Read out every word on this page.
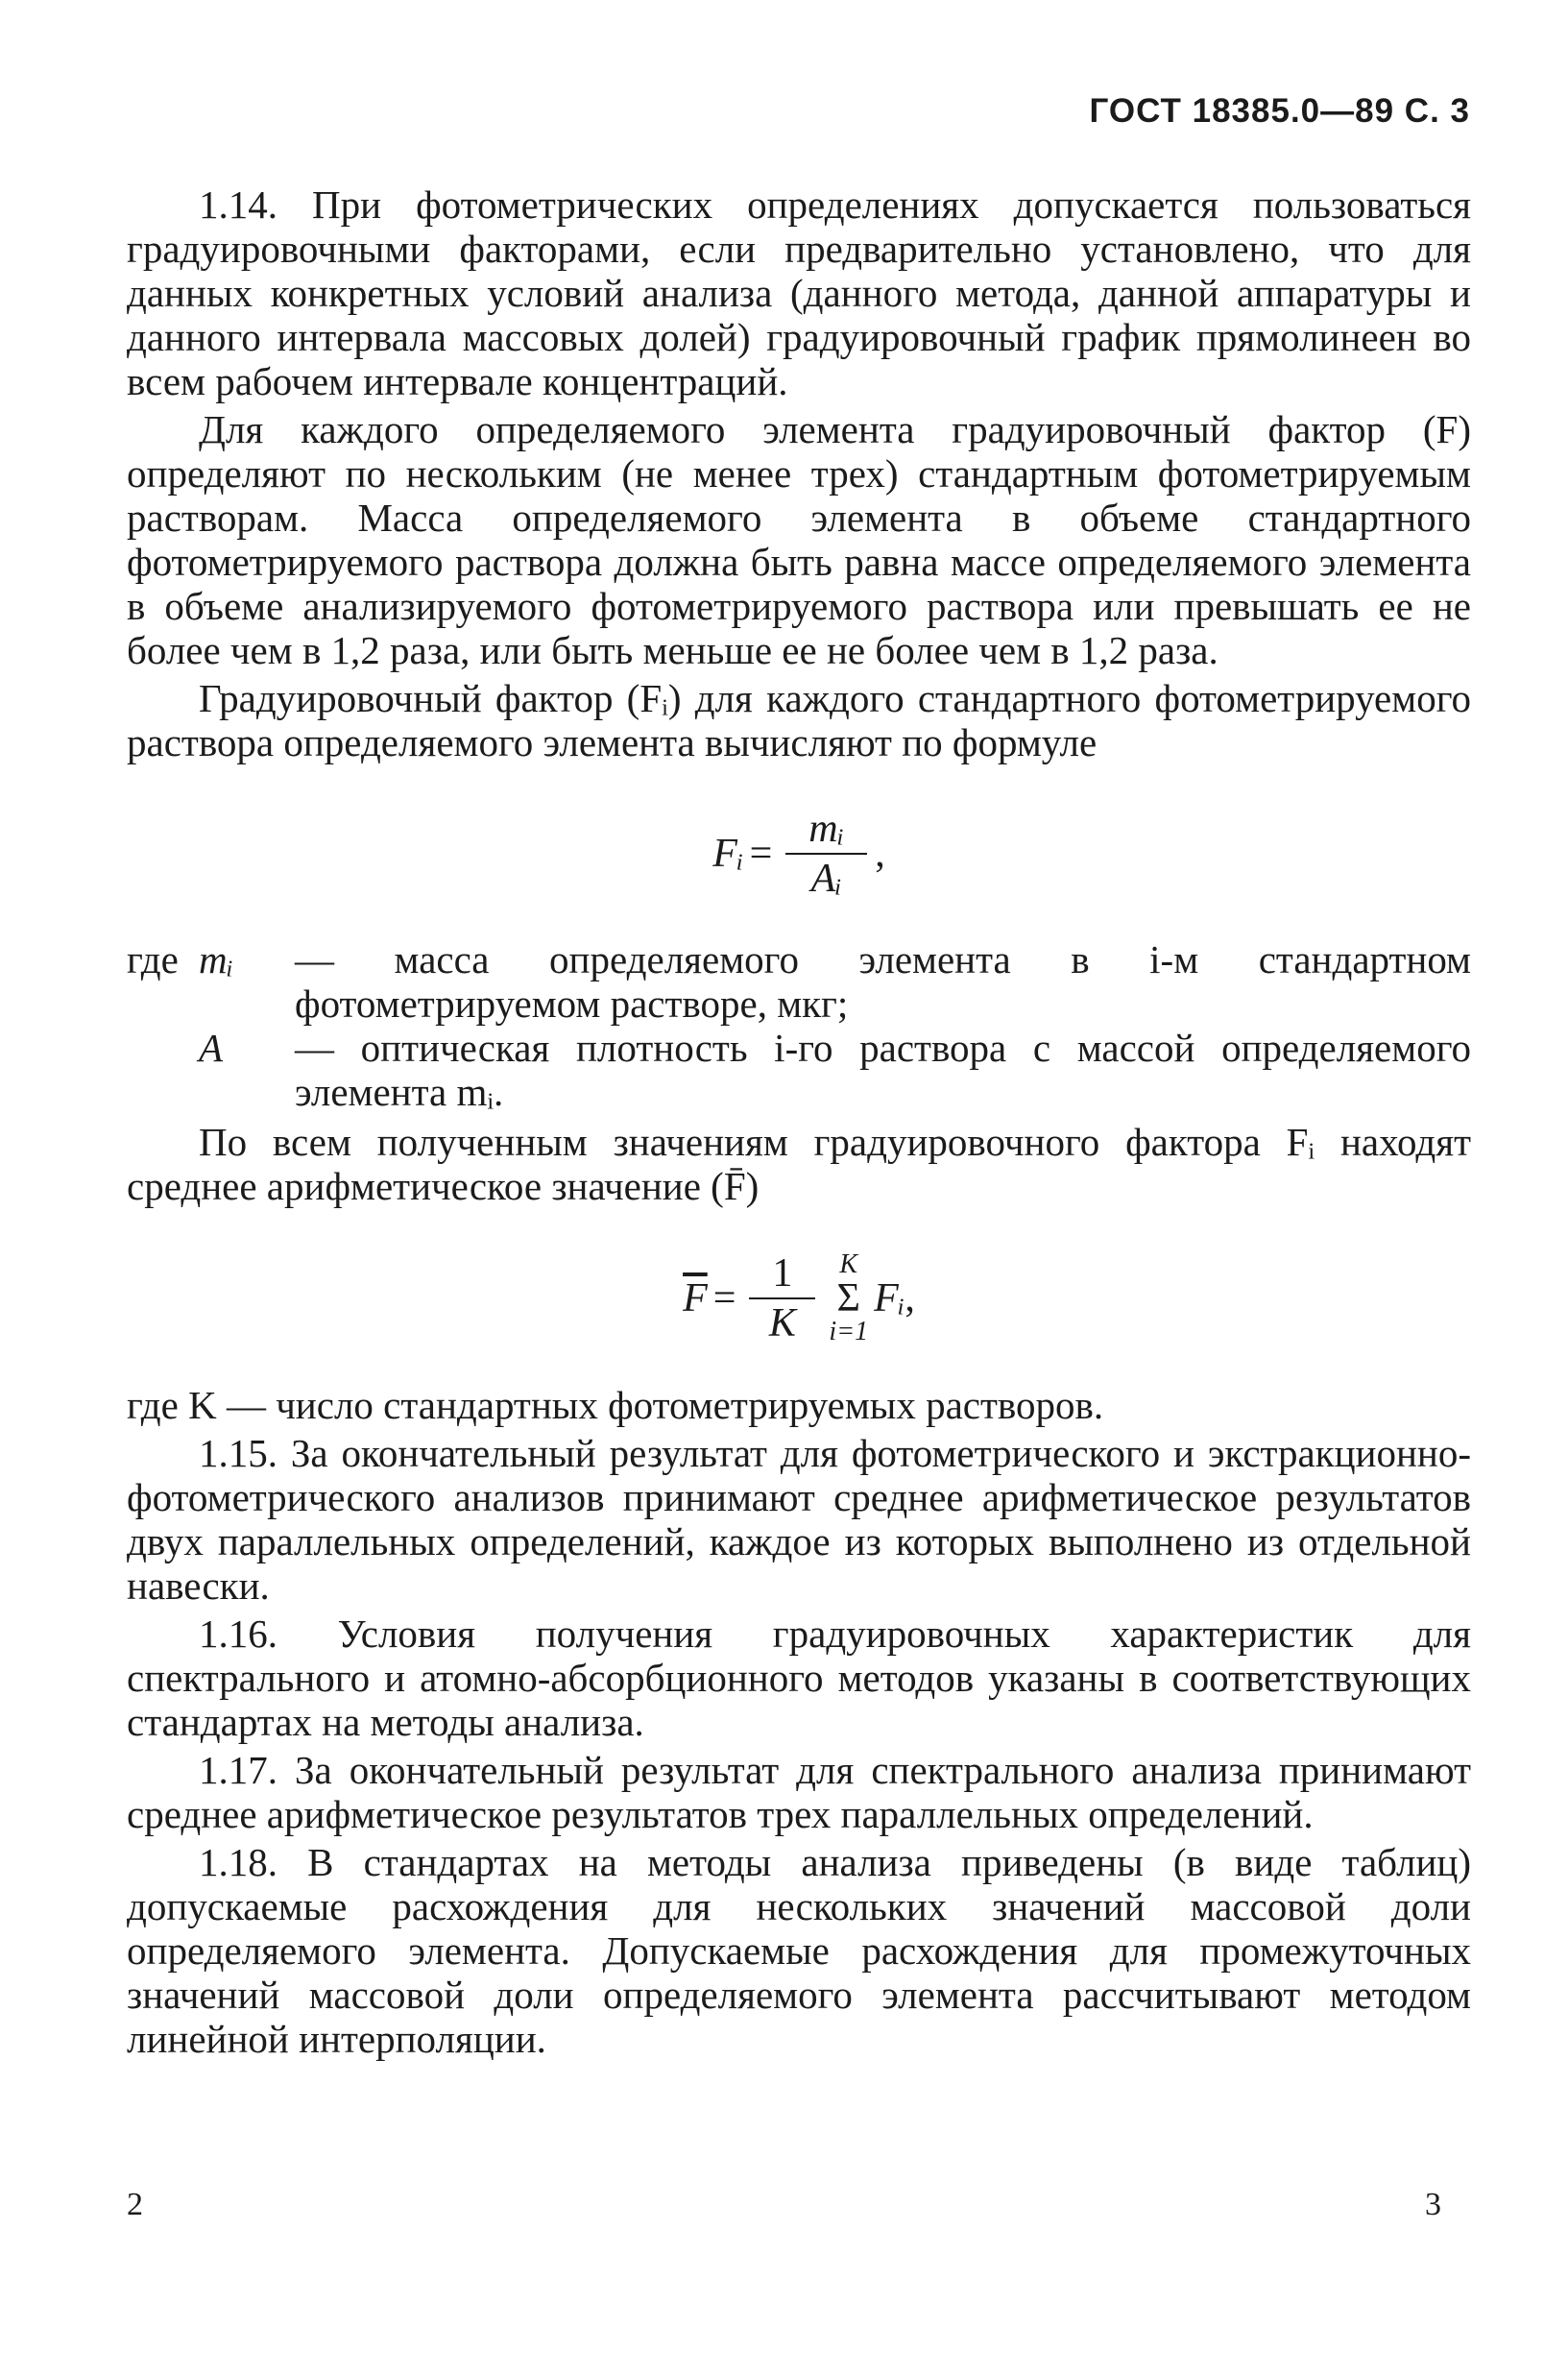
ГОСТ 18385.0—89 С. 3

1.14. При фотометрических определениях допускается пользоваться градуировочными факторами, если предварительно установлено, что для данных конкретных условий анализа (данного метода, данной аппаратуры и данного интервала массовых долей) градуировочный график прямолинеен во всем рабочем интервале концентраций.

Для каждого определяемого элемента градуировочный фактор (F) определяют по нескольким (не менее трех) стандартным фотометрируемым растворам. Масса определяемого элемента в объеме стандартного фотометрируемого раствора должна быть равна массе определяемого элемента в объеме анализируемого фотометрируемого раствора или превышать ее не более чем в 1,2 раза, или быть меньше ее не более чем в 1,2 раза.

Градуировочный фактор (Fᵢ) для каждого стандартного фотометрируемого раствора определяемого элемента вычисляют по формуле

Fᵢ = $\frac{\text{mᵢ}}{\text{Aᵢ}}$ ,
где mᵢ	— масса определяемого элемента в i-м стандартном фотометрируемом растворе, мкг;
A	— оптическая плотность i-го раствора с массой определяемого элемента mᵢ.

По всем полученным значениям градуировочного фактора Fᵢ находят среднее арифметическое значение (F̄)

$\overline{F} = \frac{1}{K}$ K
Σ
i=1
Fᵢ ,

где K — число стандартных фотометрируемых растворов.

1.15. За окончательный результат для фотометрического и экстракционно-фотометрического анализов принимают среднее арифметическое результатов двух параллельных определений, каждое из которых выполнено из отдельной навески.

1.16. Условия получения градуировочных характеристик для спектрального и атомно-абсорбционного методов указаны в соответствующих стандартах на методы анализа.

1.17. За окончательный результат для спектрального анализа принимают среднее арифметическое результатов трех параллельных определений.

1.18. В стандартах на методы анализа приведены (в виде таблиц) допускаемые расхождения для нескольких значений массовой доли определяемого элемента. Допускаемые расхождения для промежуточных значений массовой доли определяемого элемента рассчитывают методом линейной интерполяции.

2	3
